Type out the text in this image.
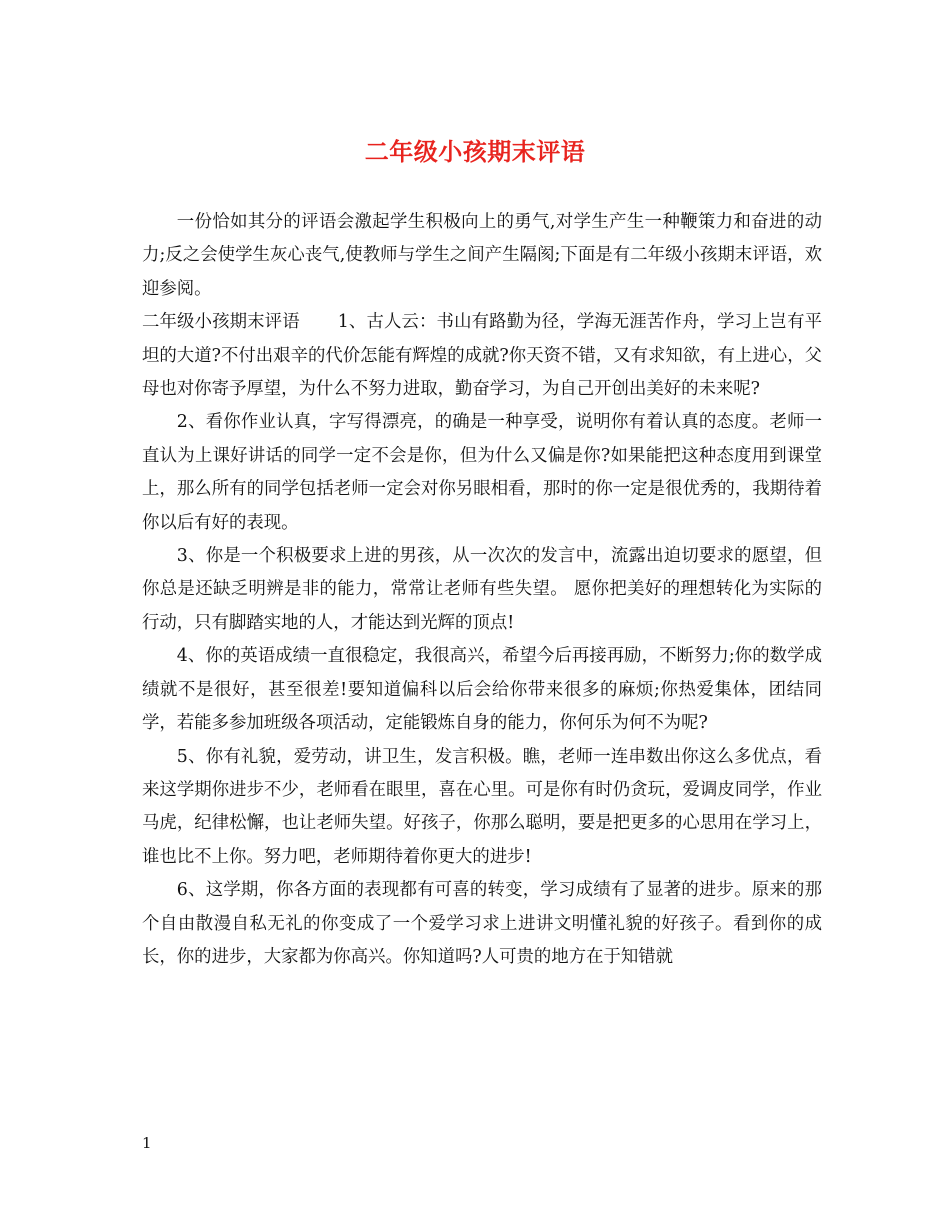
二年级小孩期末评语

一份恰如其分的评语会激起学生积极向上的勇气,对学生产生一种鞭策力和奋进的动力;反之会使学生灰心丧气,使教师与学生之间产生隔阂;下面是有二年级小孩期末评语，欢迎参阅。

二年级小孩期末评语 1、古人云：书山有路勤为径，学海无涯苦作舟，学习上岂有平坦的大道?不付出艰辛的代价怎能有辉煌的成就?你天资不错，又有求知欲，有上进心，父母也对你寄予厚望，为什么不努力进取，勤奋学习，为自己开创出美好的未来呢?

2、看你作业认真，字写得漂亮，的确是一种享受，说明你有着认真的态度。老师一直认为上课好讲话的同学一定不会是你，但为什么又偏是你?如果能把这种态度用到课堂上，那么所有的同学包括老师一定会对你另眼相看，那时的你一定是很优秀的，我期待着你以后有好的表现。

3、你是一个积极要求上进的男孩，从一次次的发言中，流露出迫切要求的愿望，但你总是还缺乏明辨是非的能力，常常让老师有些失望。 愿你把美好的理想转化为实际的行动，只有脚踏实地的人，才能达到光辉的顶点!

4、你的英语成绩一直很稳定，我很高兴，希望今后再接再励，不断努力;你的数学成绩就不是很好，甚至很差!要知道偏科以后会给你带来很多的麻烦;你热爱集体，团结同学，若能多参加班级各项活动，定能锻炼自身的能力，你何乐为何不为呢?

5、你有礼貌，爱劳动，讲卫生，发言积极。瞧，老师一连串数出你这么多优点，看来这学期你进步不少，老师看在眼里，喜在心里。可是你有时仍贪玩，爱调皮同学，作业马虎，纪律松懈，也让老师失望。好孩子，你那么聪明，要是把更多的心思用在学习上，谁也比不上你。努力吧，老师期待着你更大的进步!

6、这学期，你各方面的表现都有可喜的转变，学习成绩有了显著的进步。原来的那个自由散漫自私无礼的你变成了一个爱学习求上进讲文明懂礼貌的好孩子。看到你的成长，你的进步，大家都为你高兴。你知道吗?人可贵的地方在于知错就

1
